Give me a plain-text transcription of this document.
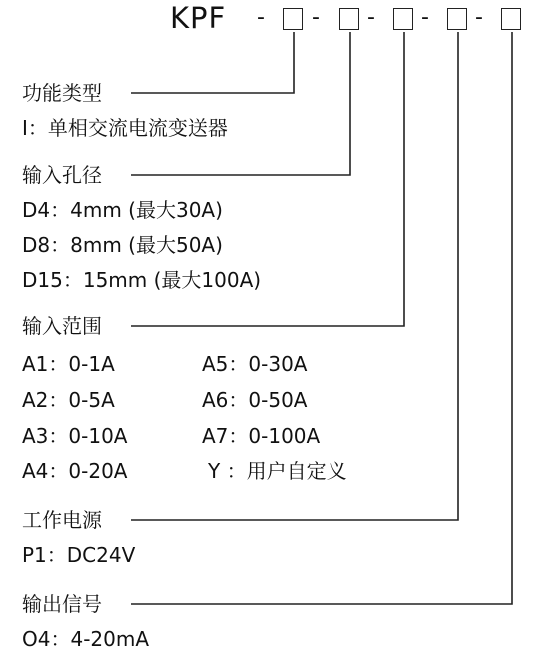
KPF - - - - -
功能类型
I：单相交流电流变送器
输入孔径
D4：4mm (最大30A)
D8：8mm (最大50A)
D15：15mm (最大100A)
输入范围
A1：0-1A
A2：0-5A
A3：0-10A
A4：0-20A
A5：0-30A
A6：0-50A
A7：0-100A
Y ：用户自定义
工作电源
P1：DC24V
输出信号
O4：4-20mA
